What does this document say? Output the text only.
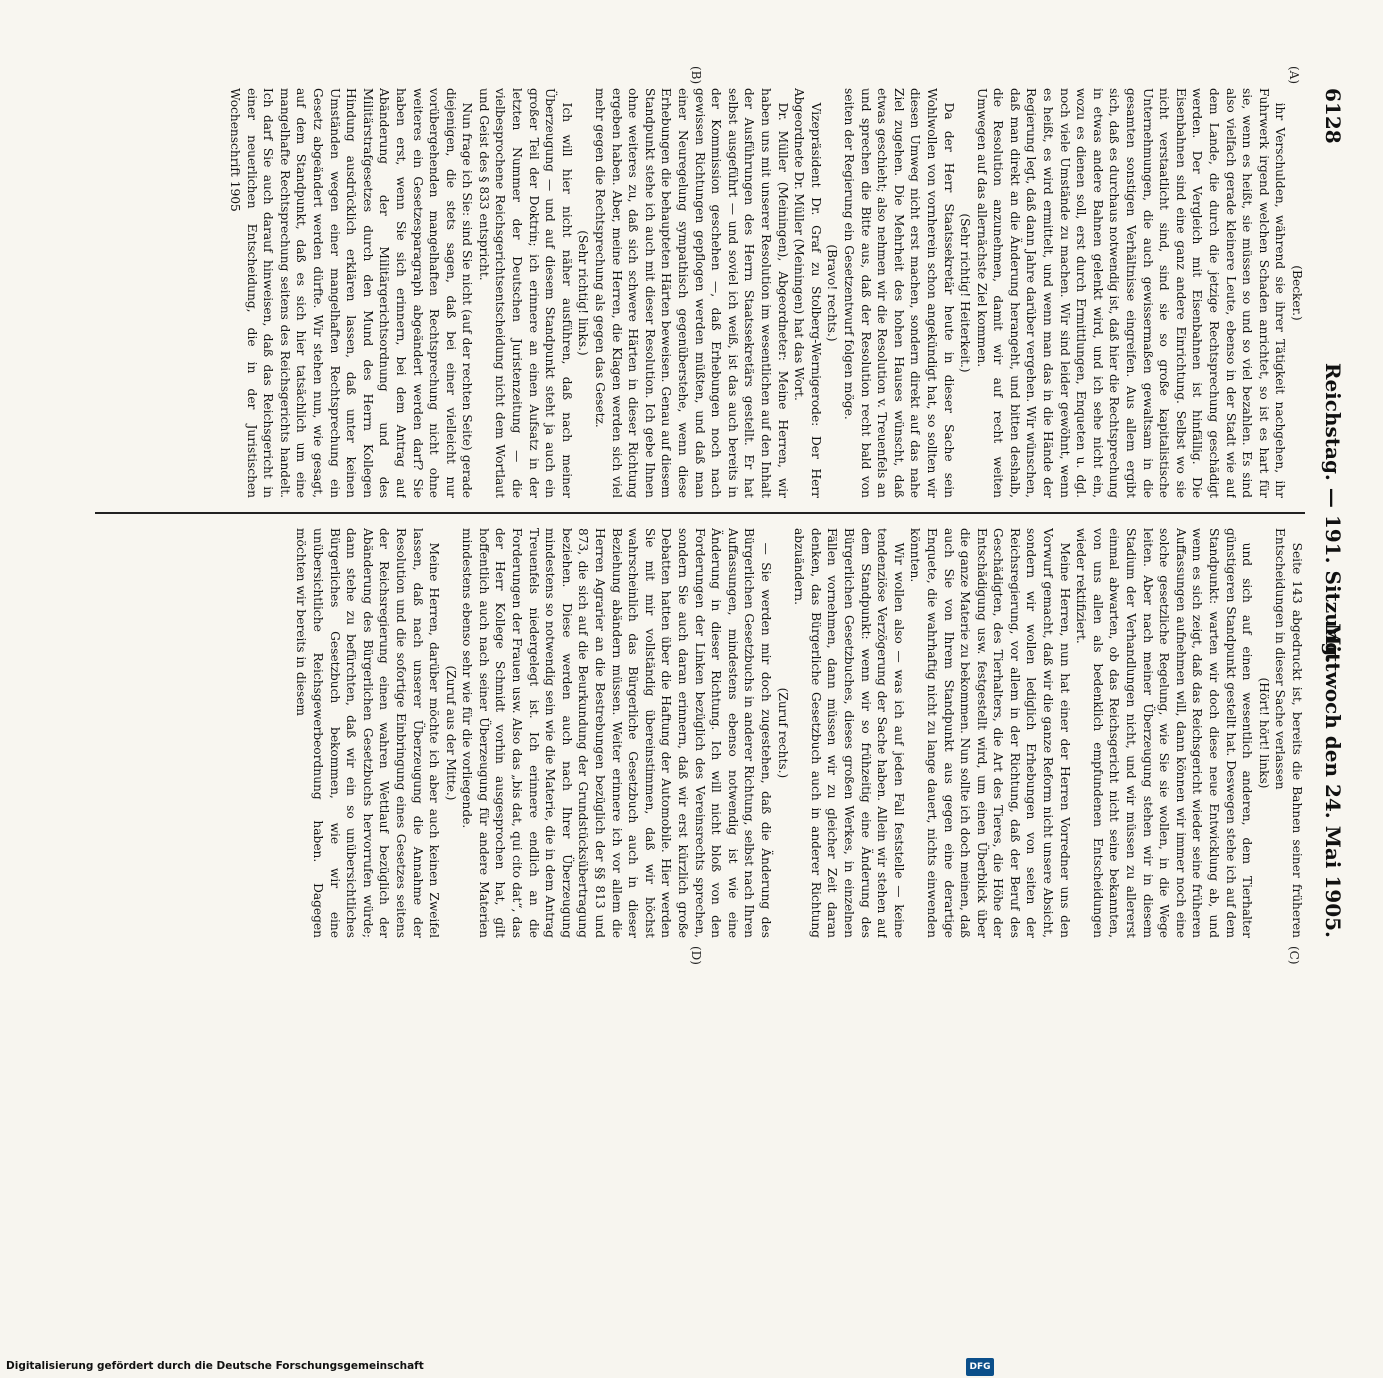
6128
Reichstag. — 191. Sitzung.
Mittwoch den 24. Mai 1905.
(A)
(B)
(C)
(D)

(Becker.)

ihr Verschulden, während sie ihrer Tätigkeit nachgehen, ihr Fuhrwerk irgend welchen Schaden anrichtet, so ist es hart für sie, wenn es heißt, sie müssen so und so viel bezahlen. Es sind also vielfach gerade kleinere Leute, ebenso in der Stadt wie auf dem Lande, die durch die jetzige Rechtsprechung geschädigt werden. Der Vergleich mit Eisenbahnen ist hinfällig. Die Eisenbahnen sind eine ganz andere Einrichtung. Selbst wo sie nicht verstaatlicht sind, sind sie so große kapitalistische Unternehmungen, die auch gewissermaßen gewaltsam in die gesamten sonstigen Verhältnisse eingreifen. Aus allem ergibt sich, daß es durchaus notwendig ist, daß hier die Rechtsprechung in etwas andere Bahnen gelenkt wird, und ich sehe nicht ein, wozu es dienen soll, erst durch Ermittlungen, Enqueten u. dgl. noch viele Umstände zu machen. Wir sind leider gewöhnt, wenn es heißt, es wird ermittelt, und wenn man das in die Hände der Regierung legt, daß dann Jahre darüber vergehen. Wir wünschen, daß man direkt an die Änderung herangeht, und bitten deshalb, die Resolution anzunehmen, damit wir auf recht weiten Umwegen auf das allernächste Ziel kommen.

(Sehr richtig! Heiterkeit.)

Da der Herr Staatssekretär heute in dieser Sache sein Wohlwollen von vornherein schon angekündigt hat, so sollten wir diesen Umweg nicht erst machen, sondern direkt auf das nahe Ziel zugehen. Die Mehrheit des hohen Hauses wünscht, daß etwas geschieht; also nehmen wir die Resolution v. Treuenfels an und sprechen die Bitte aus, daß der Resolution recht bald von seiten der Regierung ein Gesetzentwurf folgen möge.

(Bravo! rechts.)

Vizepräsident Dr. Graf zu Stolberg-Wernigerode: Der Herr Abgeordnete Dr. Müller (Meiningen) hat das Wort.

Dr. Müller (Meiningen), Abgeordneter: Meine Herren, wir haben uns mit unserer Resolution im wesentlichen auf den Inhalt der Ausführungen des Herrn Staatssekretärs gestellt. Er hat selbst ausgeführt — und soviel ich weiß, ist das auch bereits in der Kommission geschehen —, daß Erhebungen noch nach gewissen Richtungen gepflogen werden müßten, und daß man einer Neuregelung sympathisch gegenüberstehe, wenn diese Erhebungen die behaupteten Härten beweisen. Genau auf diesem Standpunkt stehe ich auch mit dieser Resolution. Ich gebe Ihnen ohne weiteres zu, daß sich schwere Härten in dieser Richtung ergeben haben. Aber, meine Herren, die Klagen werden sich viel mehr gegen die Rechtsprechung als gegen das Gesetz.

(Sehr richtig! links.)

Ich will hier nicht näher ausführen, daß nach meiner Überzeugung — und auf diesem Standpunkt steht ja auch ein großer Teil der Doktrin; ich erinnere an einen Aufsatz in der letzten Nummer der Deutschen Juristenzeitung — die vielbesprochene Reichsgerichtsentscheidung nicht dem Wortlaut und Geist des § 833 entspricht.

Nun frage ich Sie: sind Sie nicht (auf der rechten Seite) gerade diejenigen, die stets sagen, daß bei einer vielleicht nur vorübergehenden mangelhaften Rechtsprechung nicht ohne weiteres ein Gesetzesparagraph abgeändert werden darf? Sie haben erst, wenn Sie sich erinnern, bei dem Antrag auf Abänderung der Militärgerichtsordnung und des Militärstrafgesetzes durch den Mund des Herrn Kollegen Hindung ausdrücklich erklären lassen, daß unter keinen Umständen wegen einer mangelhaften Rechtsprechung ein Gesetz abgeändert werden dürfte. Wir stehen nun, wie gesagt, auf dem Standpunkt, daß es sich hier tatsächlich um eine mangelhafte Rechtsprechung seitens des Reichsgerichts handelt. Ich darf Sie auch darauf hinweisen, daß das Reichsgericht in einer neuerlichen Entscheidung, die in der Juristischen Wochenschrift 1905

Seite 143 abgedruckt ist, bereits die Bahnen seiner früheren Entscheidungen in dieser Sache verlassen

(Hört! hört! links)

und sich auf einen wesentlich anderen, dem Tierhalter günstigeren Standpunkt gestellt hat. Deswegen stehe ich auf dem Standpunkt: warten wir doch diese neue Entwicklung ab, und wenn es sich zeigt, daß das Reichsgericht wieder seine früheren Auffassungen aufnehmen will, dann können wir immer noch eine solche gesetzliche Regelung, wie Sie sie wollen, in die Wege leiten. Aber nach meiner Überzeugung stehen wir in diesem Stadium der Verhandlungen nicht, und wir müssen zu allererst einmal abwarten, ob das Reichsgericht nicht seine bekannten, von uns allen als bedenklich empfundenen Entscheidungen wieder rektifiziert.

Meine Herren, nun hat einer der Herren Vorredner uns den Vorwurf gemacht, daß wir die ganze Reform nicht unsere Absicht, sondern wir wollen lediglich Erhebungen von seiten der Reichsregierung, vor allem in der Richtung, daß der Beruf des Geschädigten, des Tierhalters, die Art des Tieres, die Höhe der Entschädigung usw. festgestellt wird, um einen Überblick über die ganze Materie zu bekommen. Nun sollte ich doch meinen, daß auch Sie von Ihrem Standpunkt aus gegen eine derartige Enquete, die wahrhaftig nicht zu lange dauert, nichts einwenden könnten.

Wir wollen also — was ich auf jeden Fall feststelle — keine tendenziöse Verzögerung der Sache haben. Allein wir stehen auf dem Standpunkt: wenn wir so frühzeitig eine Änderung des Bürgerlichen Gesetzbuches, dieses großen Werkes, in einzelnen Fällen vornehmen, dann müssen wir zu gleicher Zeit daran denken, das Bürgerliche Gesetzbuch auch in anderer Richtung abzuändern.

(Zuruf rechts.)

— Sie werden mir doch zugestehen, daß die Änderung des Bürgerlichen Gesetzbuchs in anderer Richtung, selbst nach Ihren Auffassungen, mindestens ebenso notwendig ist wie eine Änderung in dieser Richtung. Ich will nicht bloß von den Forderungen der Linken bezüglich des Vereinsrechts sprechen, sondern Sie auch daran erinnern, daß wir erst kürzlich große Debatten hatten über die Haftung der Automobile. Hier werden Sie mit mir vollständig übereinstimmen, daß wir höchst wahrscheinlich das Bürgerliche Gesetzbuch auch in dieser Beziehung abändern müssen. Weiter erinnere ich vor allem die Herren Agrarier an die Bestrebungen bezüglich der §§ 813 und 873, die sich auf die Beurkundung der Grundstücksübertragung beziehen. Diese werden auch nach Ihrer Überzeugung mindestens so notwendig sein wie die Materie, die in dem Antrag Treuenfels niedergelegt ist. Ich erinnere endlich an die Forderungen der Frauen usw. Also das „bis dat, qui cito dat“, das der Herr Kollege Schmidt vorhin ausgesprochen hat, gilt hoffentlich auch nach seiner Überzeugung für andere Materien mindestens ebenso sehr wie für die vorliegende.

(Zuruf aus der Mitte.)

Meine Herren, darüber möchte ich aber auch keinen Zweifel lassen, daß nach unserer Überzeugung die Annahme der Resolution und die sofortige Einbringung eines Gesetzes seitens der Reichsregierung einen wahren Wettlauf bezüglich der Abänderung des Bürgerlichen Gesetzbuchs hervorrufen würde; dann stehe zu befürchten, daß wir ein so unübersichtliches Bürgerliches Gesetzbuch bekommen, wie wir eine unübersichtliche Reichsgewerbeordnung haben. Dagegen möchten wir bereits in diesem

Digitalisierung gefördert durch die Deutsche Forschungsgemeinschaft	DFG
